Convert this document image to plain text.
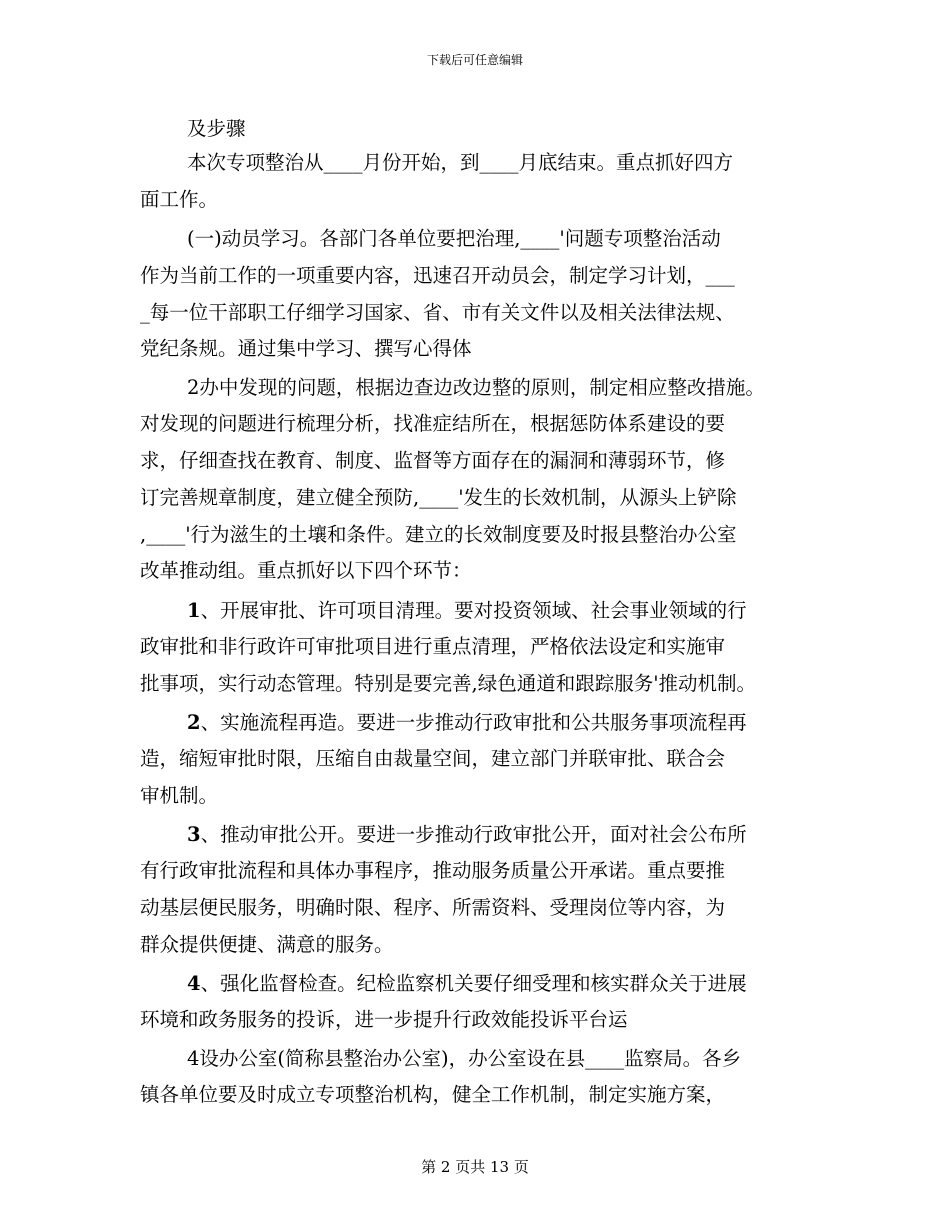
下载后可任意编辑
及步骤
本次专项整治从____月份开始，到____月底结束。重点抓好四方
面工作。
(一)动员学习。各部门各单位要把治理,____'问题专项整治活动
作为当前工作的一项重要内容，迅速召开动员会，制定学习计划，___
_每一位干部职工仔细学习国家、省、市有关文件以及相关法律法规、
党纪条规。通过集中学习、撰写心得体
2办中发现的问题，根据边查边改边整的原则，制定相应整改措施。
对发现的问题进行梳理分析，找准症结所在，根据惩防体系建设的要
求，仔细查找在教育、制度、监督等方面存在的漏洞和薄弱环节，修
订完善规章制度，建立健全预防,____'发生的长效机制，从源头上铲除
,____'行为滋生的土壤和条件。建立的长效制度要及时报县整治办公室
改革推动组。重点抓好以下四个环节：
1、开展审批、许可项目清理。要对投资领域、社会事业领域的行
政审批和非行政许可审批项目进行重点清理，严格依法设定和实施审
批事项，实行动态管理。特别是要完善,绿色通道和跟踪服务'推动机制。
2、实施流程再造。要进一步推动行政审批和公共服务事项流程再
造，缩短审批时限，压缩自由裁量空间，建立部门并联审批、联合会
审机制。
3、推动审批公开。要进一步推动行政审批公开，面对社会公布所
有行政审批流程和具体办事程序，推动服务质量公开承诺。重点要推
动基层便民服务，明确时限、程序、所需资料、受理岗位等内容，为
群众提供便捷、满意的服务。
4、强化监督检查。纪检监察机关要仔细受理和核实群众关于进展
环境和政务服务的投诉，进一步提升行政效能投诉平台运
4设办公室(简称县整治办公室)，办公室设在县____监察局。各乡
镇各单位要及时成立专项整治机构，健全工作机制，制定实施方案，
第 2 页共 13 页
